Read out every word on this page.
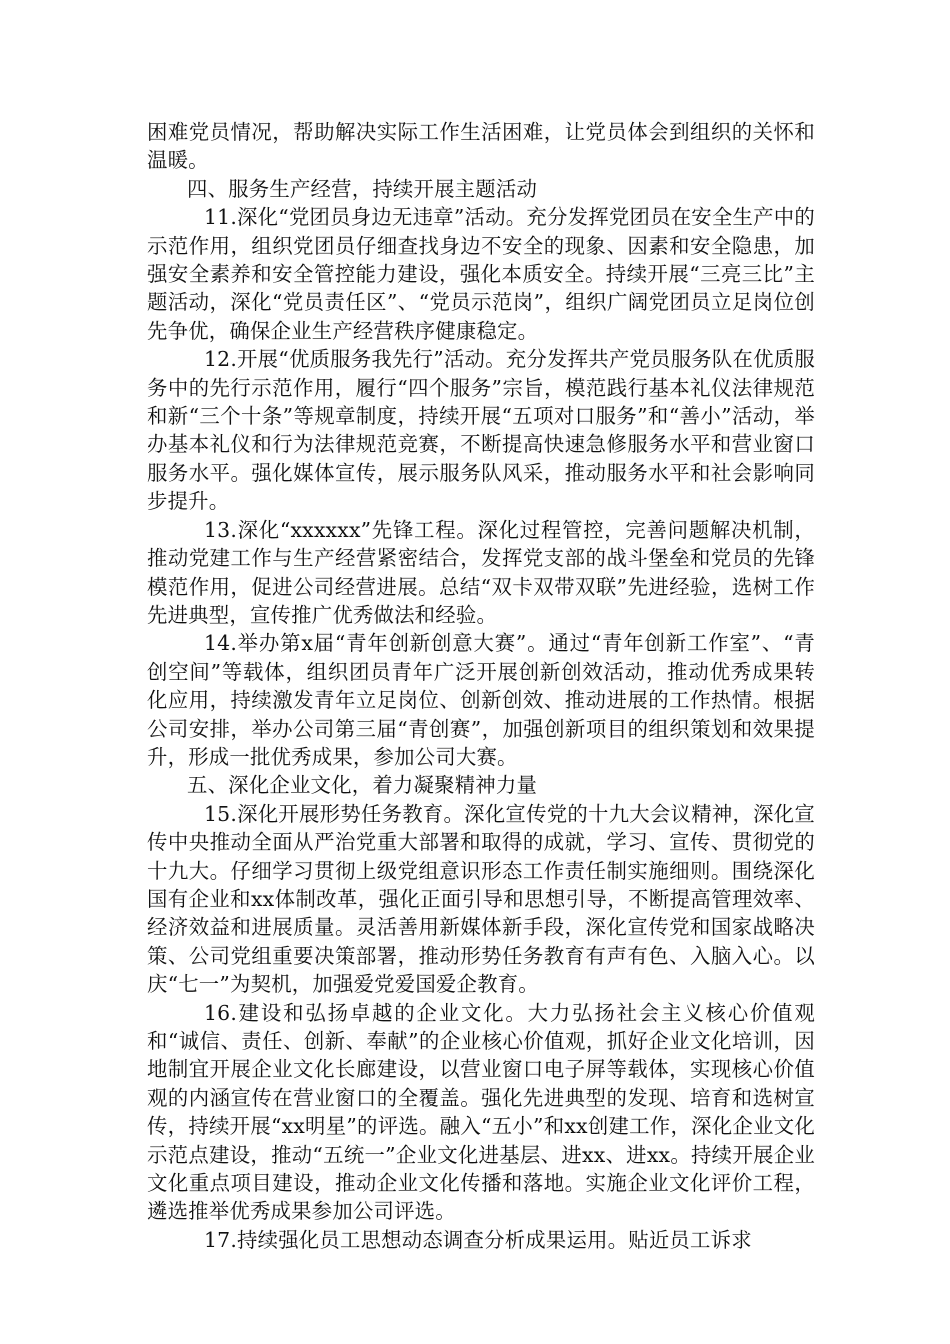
困难党员情况，帮助解决实际工作生活困难，让党员体会到组织的关怀和温暖。

四、服务生产经营，持续开展主题活动

11.深化“党团员身边无违章”活动。充分发挥党团员在安全生产中的示范作用，组织党团员仔细查找身边不安全的现象、因素和安全隐患，加强安全素养和安全管控能力建设，强化本质安全。持续开展“三亮三比”主题活动，深化“党员责任区”、“党员示范岗”，组织广阔党团员立足岗位创先争优，确保企业生产经营秩序健康稳定。

12.开展“优质服务我先行”活动。充分发挥共产党员服务队在优质服务中的先行示范作用，履行“四个服务”宗旨，模范践行基本礼仪法律规范和新“三个十条”等规章制度，持续开展“五项对口服务”和“善小”活动，举办基本礼仪和行为法律规范竞赛，不断提高快速急修服务水平和营业窗口服务水平。强化媒体宣传，展示服务队风采，推动服务水平和社会影响同步提升。

13.深化“xxxxxx”先锋工程。深化过程管控，完善问题解决机制，推动党建工作与生产经营紧密结合，发挥党支部的战斗堡垒和党员的先锋模范作用，促进公司经营进展。总结“双卡双带双联”先进经验，选树工作先进典型，宣传推广优秀做法和经验。

14.举办第x届“青年创新创意大赛”。通过“青年创新工作室”、“青创空间”等载体，组织团员青年广泛开展创新创效活动，推动优秀成果转化应用，持续激发青年立足岗位、创新创效、推动进展的工作热情。根据公司安排，举办公司第三届“青创赛”，加强创新项目的组织策划和效果提升，形成一批优秀成果，参加公司大赛。

五、深化企业文化，着力凝聚精神力量

15.深化开展形势任务教育。深化宣传党的十九大会议精神，深化宣传中央推动全面从严治党重大部署和取得的成就，学习、宣传、贯彻党的十九大。仔细学习贯彻上级党组意识形态工作责任制实施细则。围绕深化国有企业和xx体制改革，强化正面引导和思想引导，不断提高管理效率、经济效益和进展质量。灵活善用新媒体新手段，深化宣传党和国家战略决策、公司党组重要决策部署，推动形势任务教育有声有色、入脑入心。以庆“七一”为契机，加强爱党爱国爱企教育。

16.建设和弘扬卓越的企业文化。大力弘扬社会主义核心价值观和“诚信、责任、创新、奉献”的企业核心价值观，抓好企业文化培训，因地制宜开展企业文化长廊建设，以营业窗口电子屏等载体，实现核心价值观的内涵宣传在营业窗口的全覆盖。强化先进典型的发现、培育和选树宣传，持续开展“xx明星”的评选。融入“五小”和xx创建工作，深化企业文化示范点建设，推动“五统一”企业文化进基层、进xx、进xx。持续开展企业文化重点项目建设，推动企业文化传播和落地。实施企业文化评价工程，遴选推举优秀成果参加公司评选。

17.持续强化员工思想动态调查分析成果运用。贴近员工诉求
